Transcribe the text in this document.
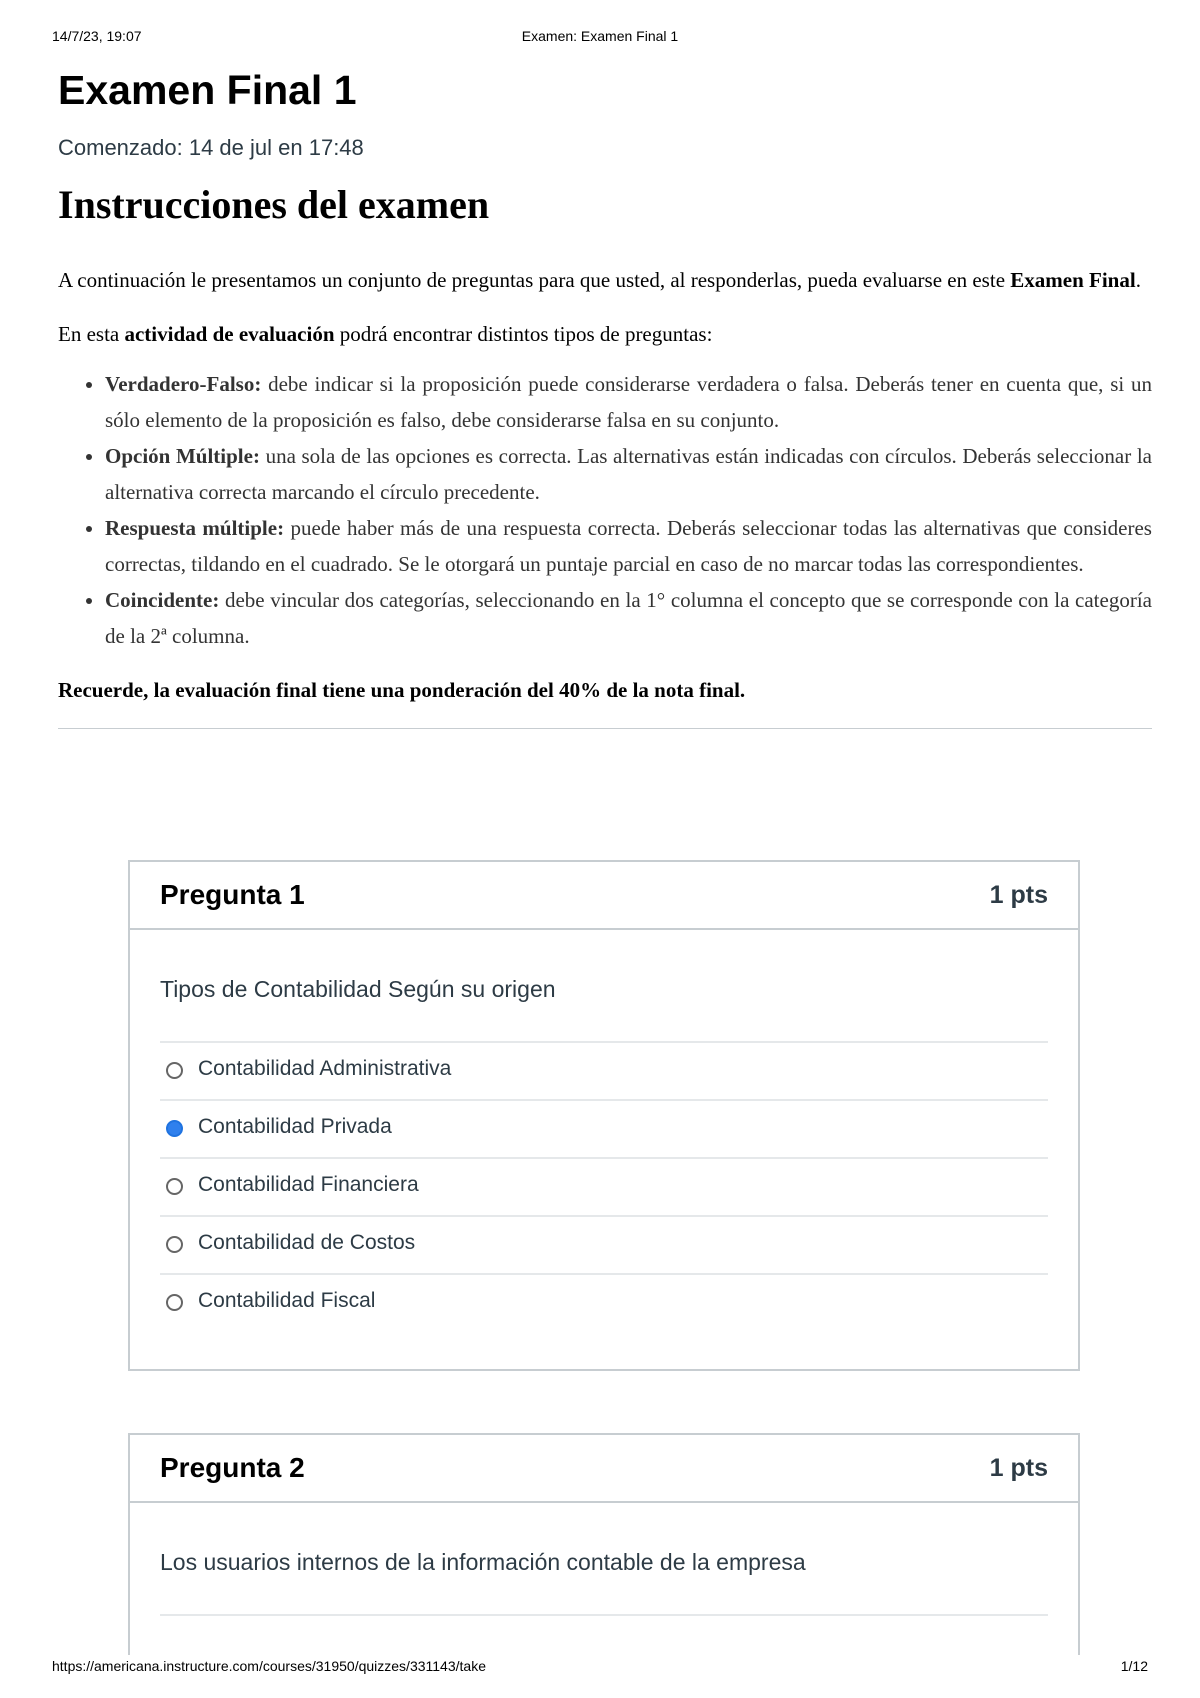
14/7/23, 19:07	Examen: Examen Final 1
Examen Final 1
Comenzado: 14 de jul en 17:48
Instrucciones del examen

A continuación le presentamos un conjunto de preguntas para que usted, al responderlas, pueda evaluarse en este Examen Final.

En esta actividad de evaluación podrá encontrar distintos tipos de preguntas:

• Verdadero-Falso: debe indicar si la proposición puede considerarse verdadera o falsa. Deberás tener en cuenta que, si un sólo elemento de la proposición es falso, debe considerarse falsa en su conjunto.
• Opción Múltiple: una sola de las opciones es correcta. Las alternativas están indicadas con círculos. Deberás seleccionar la alternativa correcta marcando el círculo precedente.
• Respuesta múltiple: puede haber más de una respuesta correcta. Deberás seleccionar todas las alternativas que consideres correctas, tildando en el cuadrado. Se le otorgará un puntaje parcial en caso de no marcar todas las correspondientes.
• Coincidente: debe vincular dos categorías, seleccionando en la 1° columna el concepto que se corresponde con la categoría de la 2ª columna.

Recuerde, la evaluación final tiene una ponderación del 40% de la nota final.

Pregunta 1	1 pts
Tipos de Contabilidad Según su origen
Contabilidad Administrativa
Contabilidad Privada
Contabilidad Financiera
Contabilidad de Costos
Contabilidad Fiscal
Pregunta 2	1 pts
Los usuarios internos de la información contable de la empresa
https://americana.instructure.com/courses/31950/quizzes/331143/take	1/12
